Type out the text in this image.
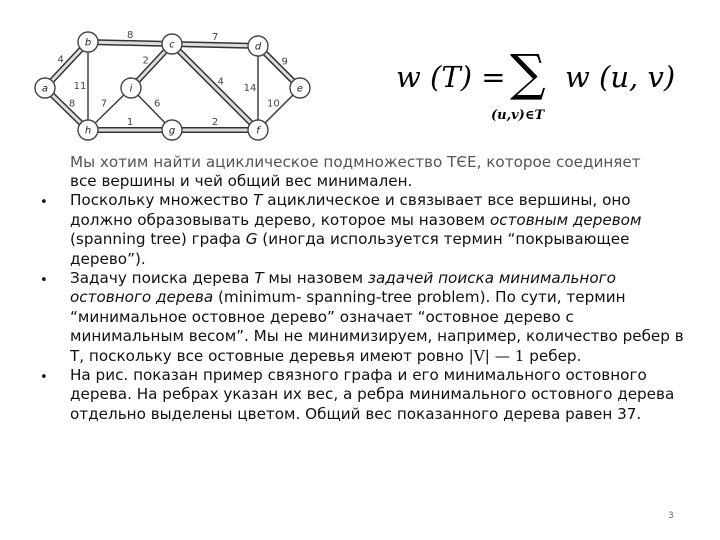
4
8
8
11
7
2
4
9
14
10
2
1
6
7
a
b	c	d
e
f
g
h
i	w (T) = ∑ w (u, v)
(u,v)∈T
Мы хотим найти ациклическое подмножество TЄE, которое соединяет
все вершины и чей общий вес минимален.
• Поскольку множество T ациклическое и связывает все вершины, оно должно образовывать дерево, которое мы назовем остовным деревом (spanning tree) графа G (иногда используется термин “покрывающее дерево”).
• Задачу поиска дерева Т мы назовем задачей поиска минимального остовного дерева (minimum- spanning-tree problem). По сути, термин “минимальное остовное дерево” означает “остовное дерево с минимальным весом”. Мы не минимизируем, например, количество ребер в Т, поскольку все остовные деревья имеют ровно |V| — 1 ребер.
• На рис. показан пример связного графа и его минимального остовного дерева. На ребрах указан их вес, а ребра минимального остовного дерева отдельно выделены цветом. Общий вес показанного дерева равен 37.
3
